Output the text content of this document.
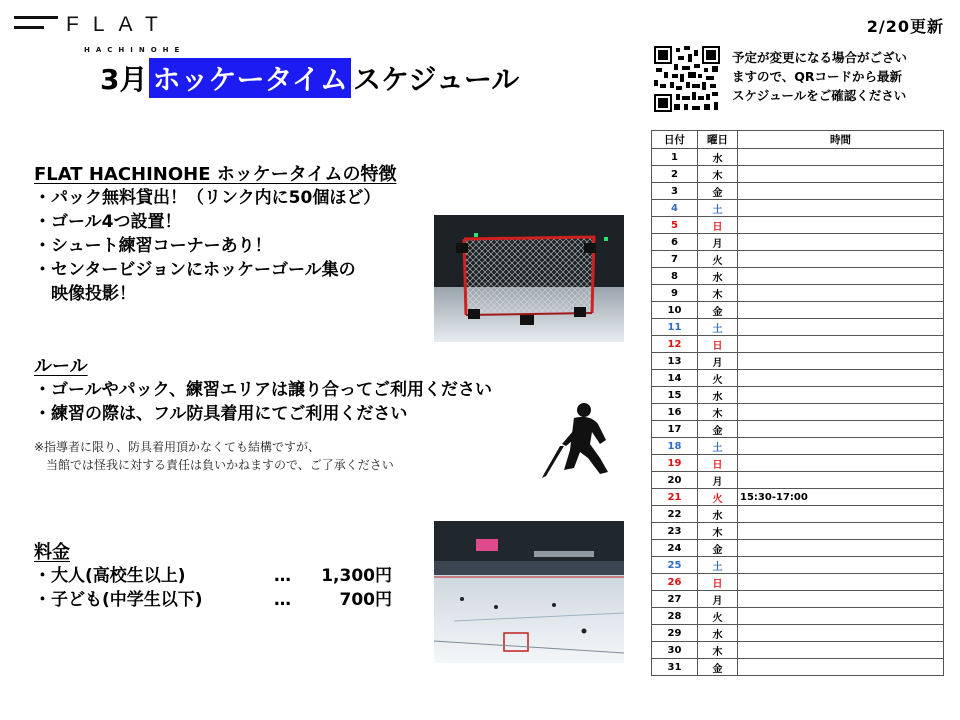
FLAT
HACHINOHE
2/20更新
3月 ホッケータイム スケジュール
予定が変更になる場合がござい
ますので、QRコードから最新
スケジュールをご確認ください
FLAT HACHINOHE ホッケータイムの特徴
・パック無料貸出！（リンク内に50個ほど）
・ゴール4つ設置！
・シュート練習コーナーあり！
・センタービジョンにホッケーゴール集の
　映像投影！
ルール
・ゴールやパック、練習エリアは譲り合ってご利用ください
・練習の際は、フル防具着用にてご利用ください
※指導者に限り、防具着用頂かなくても結構ですが、
　当館では怪我に対する責任は負いかねますので、ご了承ください
料金
・大人(高校生以上)	…	1,300 円
・子ども(中学生以下)	…	700 円
日付	曜日	時間
1	水	
2	木	
3	金	
4	土	
5	日	
6	月	
7	火	
8	水	
9	木	
10	金	
11	土	
12	日	
13	月	
14	火	
15	水	
16	木	
17	金	
18	土	
19	日	
20	月	
21	火	15:30-17:00
22	水	
23	木	
24	金	
25	土	
26	日	
27	月	
28	火	
29	水	
30	木	
31	金	
